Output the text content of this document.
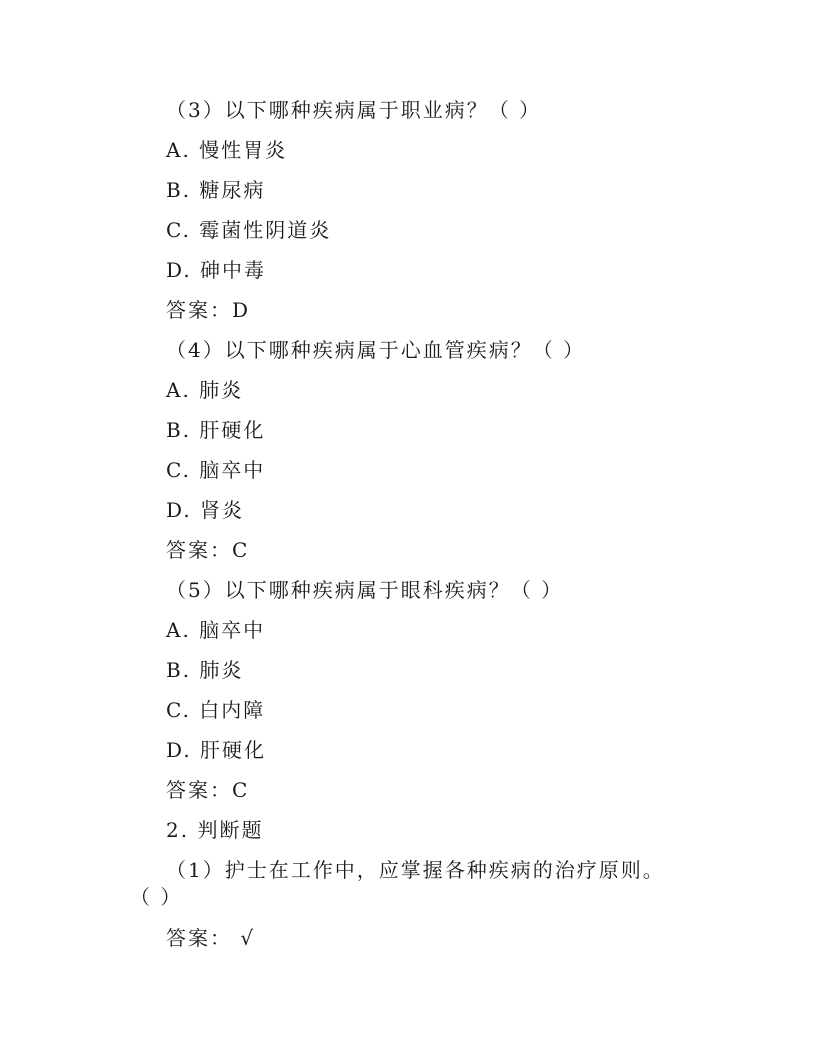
（3）以下哪种疾病属于职业病？（ ）
A. 慢性胃炎
B. 糖尿病
C. 霉菌性阴道炎
D. 砷中毒
答案：D
（4）以下哪种疾病属于心血管疾病？（ ）
A. 肺炎
B. 肝硬化
C. 脑卒中
D. 肾炎
答案：C
（5）以下哪种疾病属于眼科疾病？（ ）
A. 脑卒中
B. 肺炎
C. 白内障
D. 肝硬化
答案：C
2. 判断题
（1）护士在工作中，应掌握各种疾病的治疗原则。
（ ）
答案： √
